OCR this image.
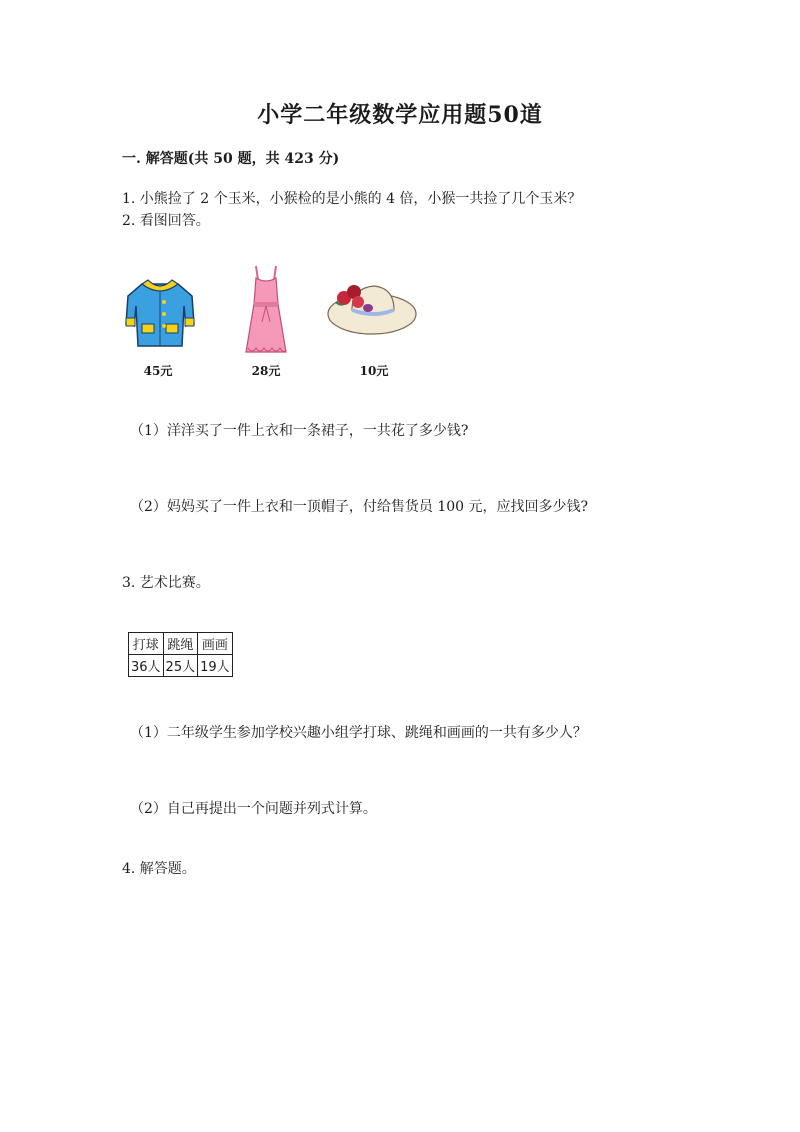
小学二年级数学应用题50道
一. 解答题(共 50 题，共 423 分)
1. 小熊捡了 2 个玉米，小猴检的是小熊的 4 倍，小猴一共捡了几个玉米？
2. 看图回答。
45元	28元	10元
（1）洋洋买了一件上衣和一条裙子，一共花了多少钱?
（2）妈妈买了一件上衣和一顶帽子，付给售货员 100 元，应找回多少钱?
3. 艺术比赛。
打球	跳绳	画画
36人	25人	19人
（1）二年级学生参加学校兴趣小组学打球、跳绳和画画的一共有多少人？
（2）自己再提出一个问题并列式计算。
4. 解答题。
